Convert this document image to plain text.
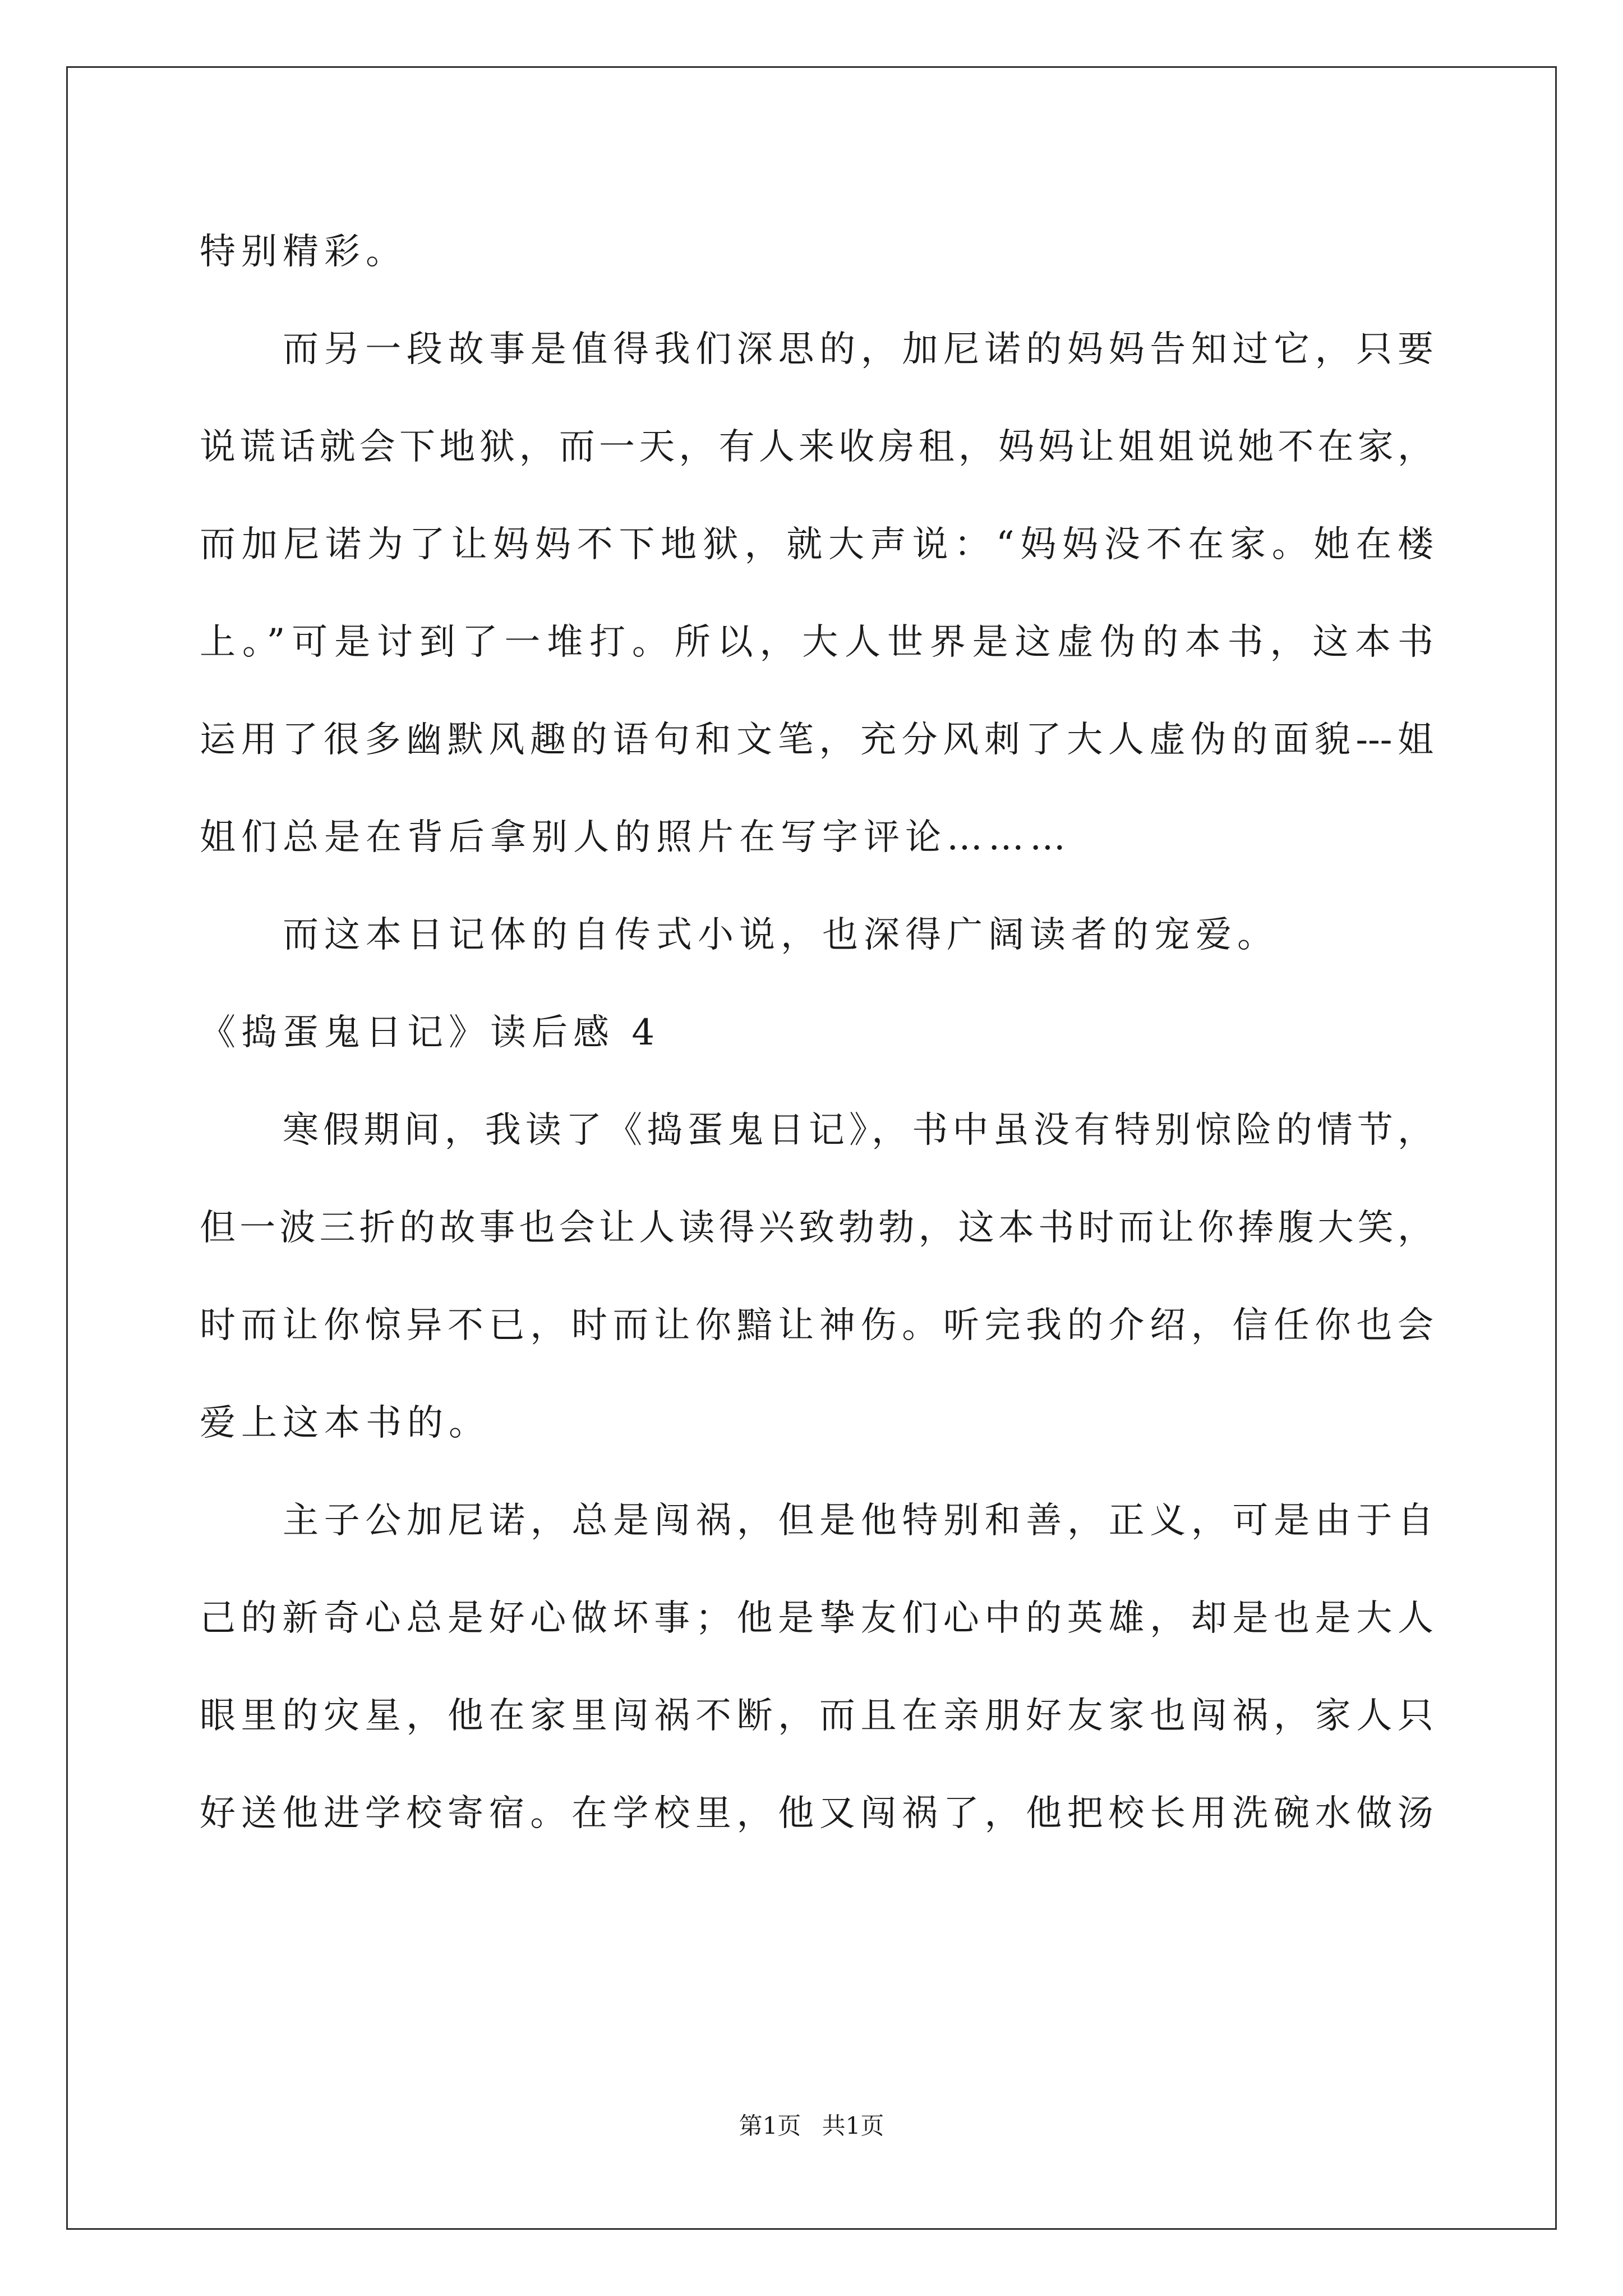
特别精彩。
而另一段故事是值得我们深思的，加尼诺的妈妈告知过它，只要
说谎话就会下地狱，而一天，有人来收房租，妈妈让姐姐说她不在家，
而加尼诺为了让妈妈不下地狱，就大声说：“妈妈没不在家。她在楼
上。”可是讨到了一堆打。所以，大人世界是这虚伪的本书，这本书
运用了很多幽默风趣的语句和文笔，充分风刺了大人虚伪的面貌---姐
姐们总是在背后拿别人的照片在写字评论………
而这本日记体的自传式小说，也深得广阔读者的宠爱。
《捣蛋鬼日记》读后感 4
寒假期间，我读了《捣蛋鬼日记》，书中虽没有特别惊险的情节，
但一波三折的故事也会让人读得兴致勃勃，这本书时而让你捧腹大笑，
时而让你惊异不已，时而让你黯让神伤。听完我的介绍，信任你也会
爱上这本书的。
主子公加尼诺，总是闯祸，但是他特别和善，正义，可是由于自
己的新奇心总是好心做坏事；他是挚友们心中的英雄，却是也是大人
眼里的灾星，他在家里闯祸不断，而且在亲朋好友家也闯祸，家人只
好送他进学校寄宿。在学校里，他又闯祸了，他把校长用洗碗水做汤
第1页 共1页
